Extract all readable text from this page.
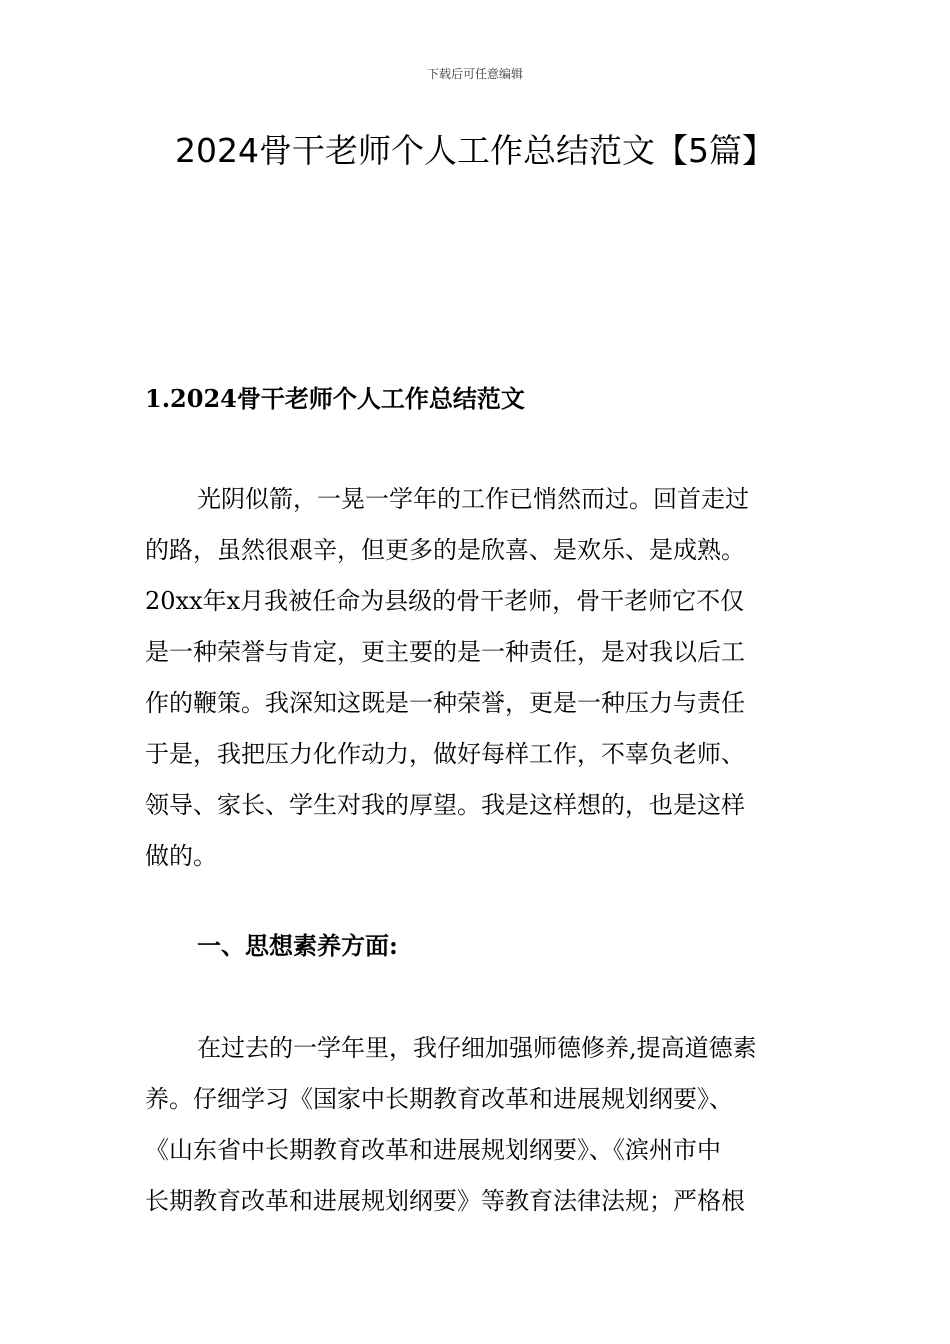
下载后可任意编辑
2024骨干老师个人工作总结范文【5篇】
1.2024骨干老师个人工作总结范文
光阴似箭，一晃一学年的工作已悄然而过。回首走过
的路，虽然很艰辛，但更多的是欣喜、是欢乐、是成熟。
20xx年x月我被任命为县级的骨干老师，骨干老师它不仅
是一种荣誉与肯定，更主要的是一种责任，是对我以后工
作的鞭策。我深知这既是一种荣誉，更是一种压力与责任
于是，我把压力化作动力，做好每样工作，不辜负老师、
领导、家长、学生对我的厚望。我是这样想的，也是这样
做的。
一、思想素养方面:
在过去的一学年里，我仔细加强师德修养,提高道德素
养。仔细学习《国家中长期教育改革和进展规划纲要》、
《山东省中长期教育改革和进展规划纲要》、《滨州市中
长期教育改革和进展规划纲要》等教育法律法规；严格根
